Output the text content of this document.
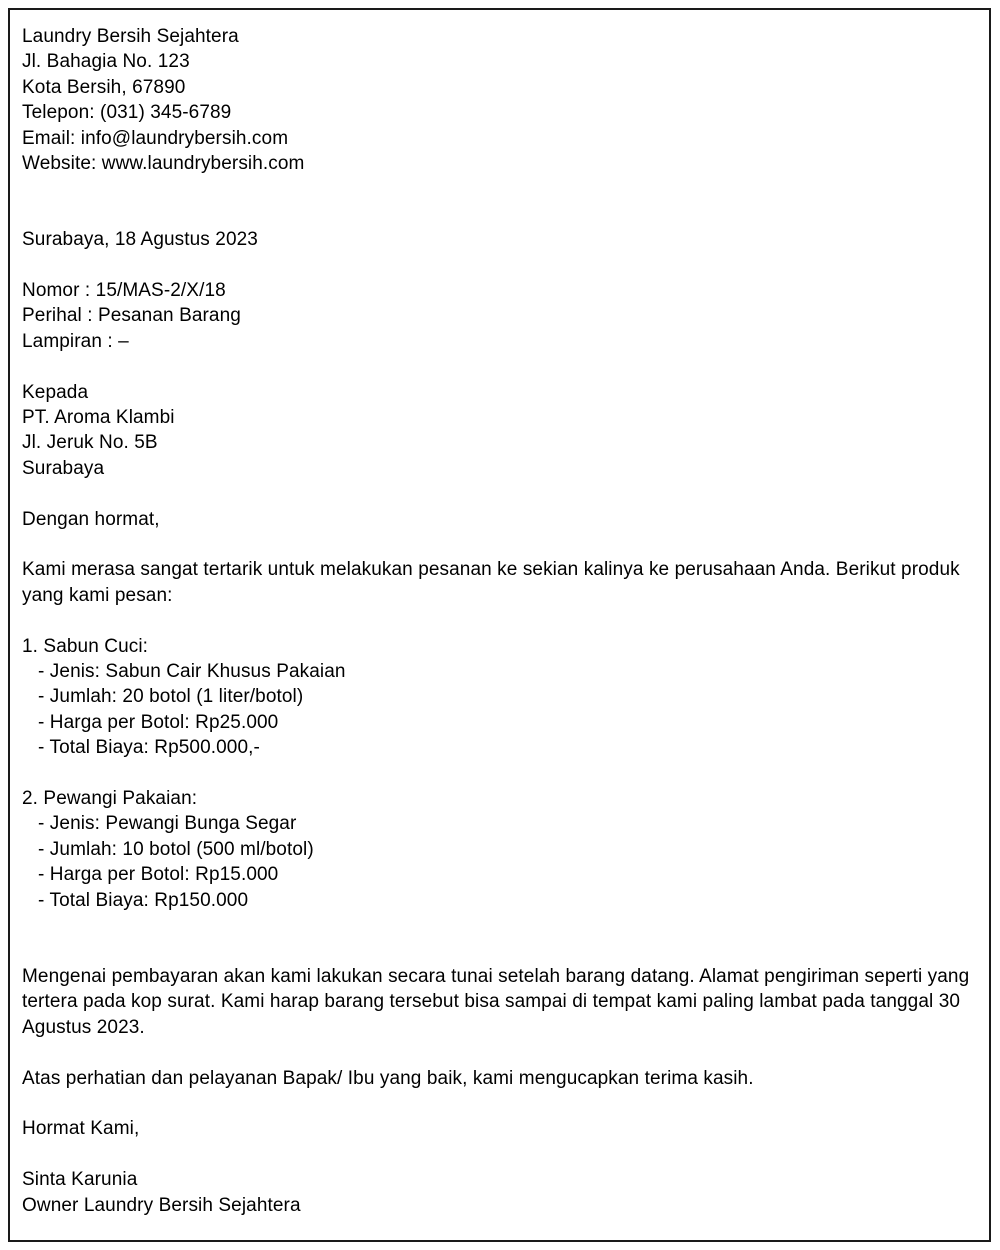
Laundry Bersih Sejahtera
Jl. Bahagia No. 123
Kota Bersih, 67890
Telepon: (031) 345-6789
Email: info@laundrybersih.com
Website: www.laundrybersih.com
Surabaya, 18 Agustus 2023
Nomor : 15/MAS-2/X/18
Perihal : Pesanan Barang
Lampiran : –
Kepada
PT. Aroma Klambi
Jl. Jeruk No. 5B
Surabaya
Dengan hormat,

Kami merasa sangat tertarik untuk melakukan pesanan ke sekian kalinya ke perusahaan Anda. Berikut produk yang kami pesan:

1. Sabun Cuci:
- Jenis: Sabun Cair Khusus Pakaian
- Jumlah: 20 botol (1 liter/botol)
- Harga per Botol: Rp25.000
- Total Biaya: Rp500.000,-
2. Pewangi Pakaian:
- Jenis: Pewangi Bunga Segar
- Jumlah: 10 botol (500 ml/botol)
- Harga per Botol: Rp15.000
- Total Biaya: Rp150.000

Mengenai pembayaran akan kami lakukan secara tunai setelah barang datang. Alamat pengiriman seperti yang tertera pada kop surat. Kami harap barang tersebut bisa sampai di tempat kami paling lambat pada tanggal 30 Agustus 2023.

Atas perhatian dan pelayanan Bapak/ Ibu yang baik, kami mengucapkan terima kasih.

Hormat Kami,
Sinta Karunia
Owner Laundry Bersih Sejahtera
